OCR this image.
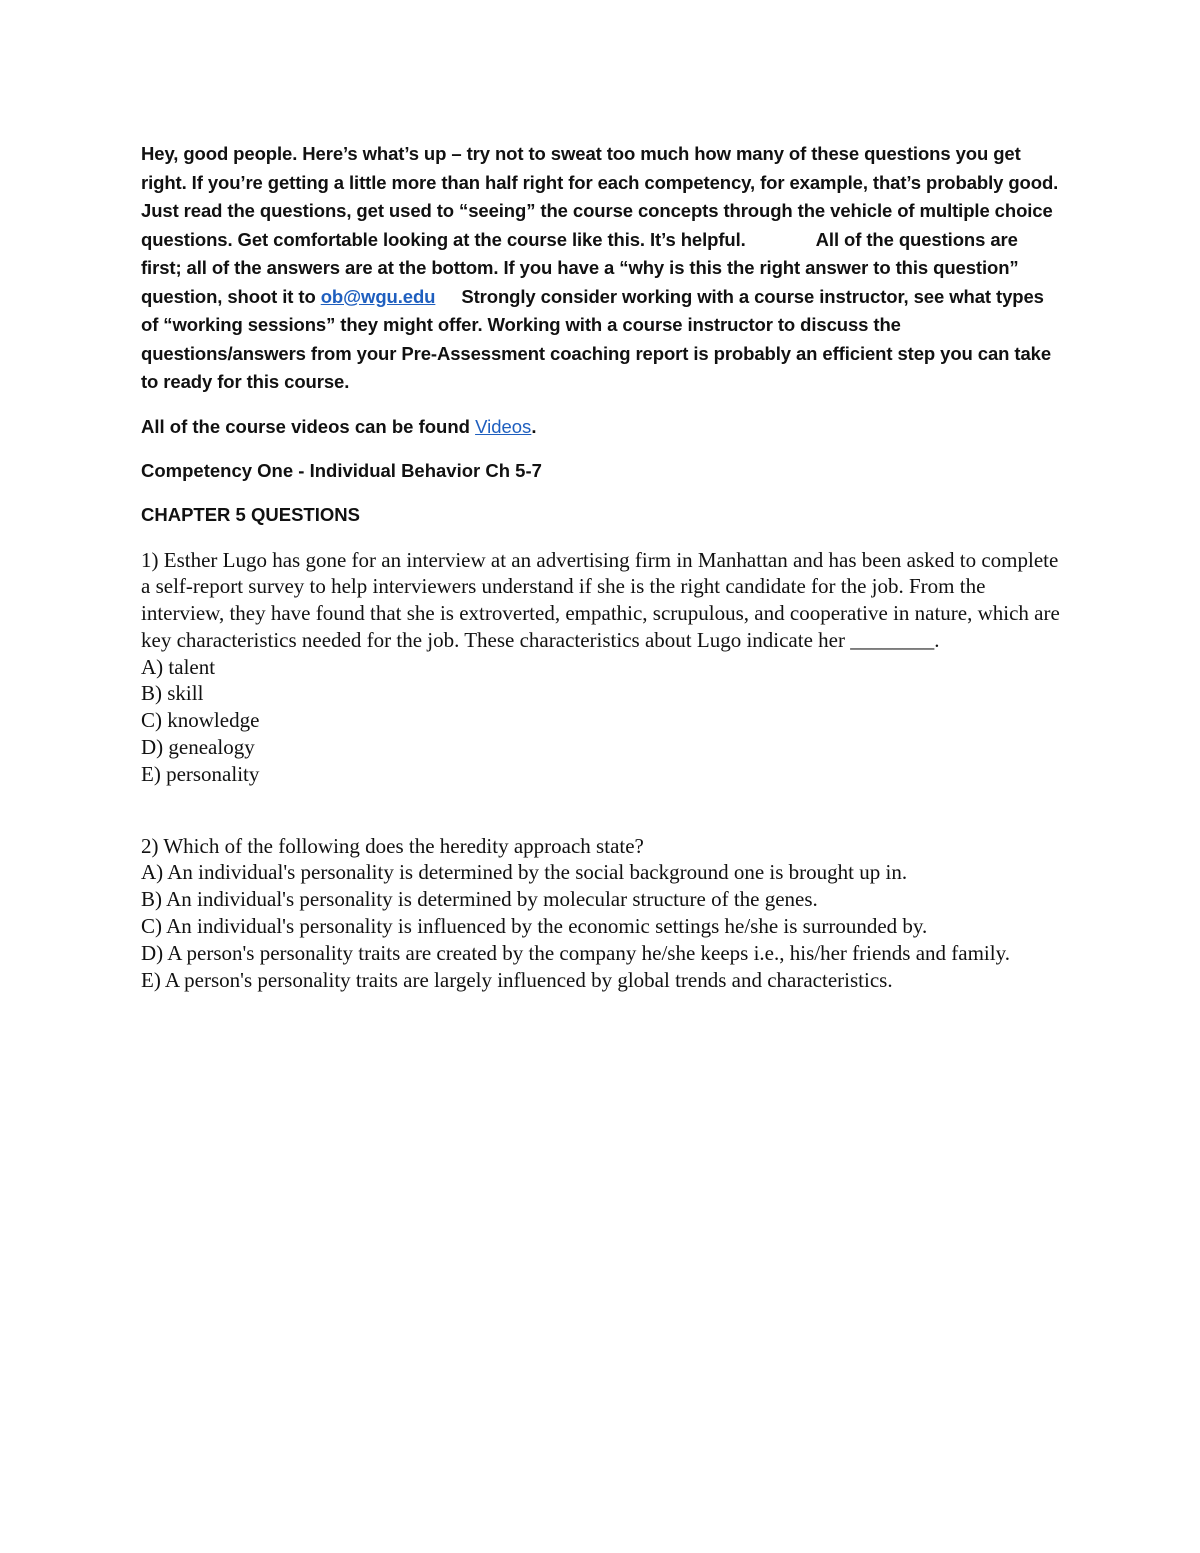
Hey, good people. Here’s what’s up – try not to sweat too much how many of these questions you get right. If you’re getting a little more than half right for each competency, for example, that’s probably good. Just read the questions, get used to “seeing” the course concepts through the vehicle of multiple choice questions. Get comfortable looking at the course like this. It’s helpful.	All of the questions are first; all of the answers are at the bottom. If you have a “why is this the right answer to this question” question, shoot it to ob@wgu.edu Strongly consider working with a course instructor, see what types of “working sessions” they might offer. Working with a course instructor to discuss the questions/answers from your Pre-Assessment coaching report is probably an efficient step you can take to ready for this course.

All of the course videos can be found Videos.

Competency One - Individual Behavior Ch 5-7

CHAPTER 5 QUESTIONS

1) Esther Lugo has gone for an interview at an advertising firm in Manhattan and has been asked to complete a self-report survey to help interviewers understand if she is the right candidate for the job. From the interview, they have found that she is extroverted, empathic, scrupulous, and cooperative in nature, which are key characteristics needed for the job. These characteristics about Lugo indicate her ________.
A) talent
B) skill
C) knowledge
D) genealogy
E) personality
2) Which of the following does the heredity approach state?
A) An individual's personality is determined by the social background one is brought up in.
B) An individual's personality is determined by molecular structure of the genes.
C) An individual's personality is influenced by the economic settings he/she is surrounded by.
D) A person's personality traits are created by the company he/she keeps i.e., his/her friends and family.
E) A person's personality traits are largely influenced by global trends and characteristics.
